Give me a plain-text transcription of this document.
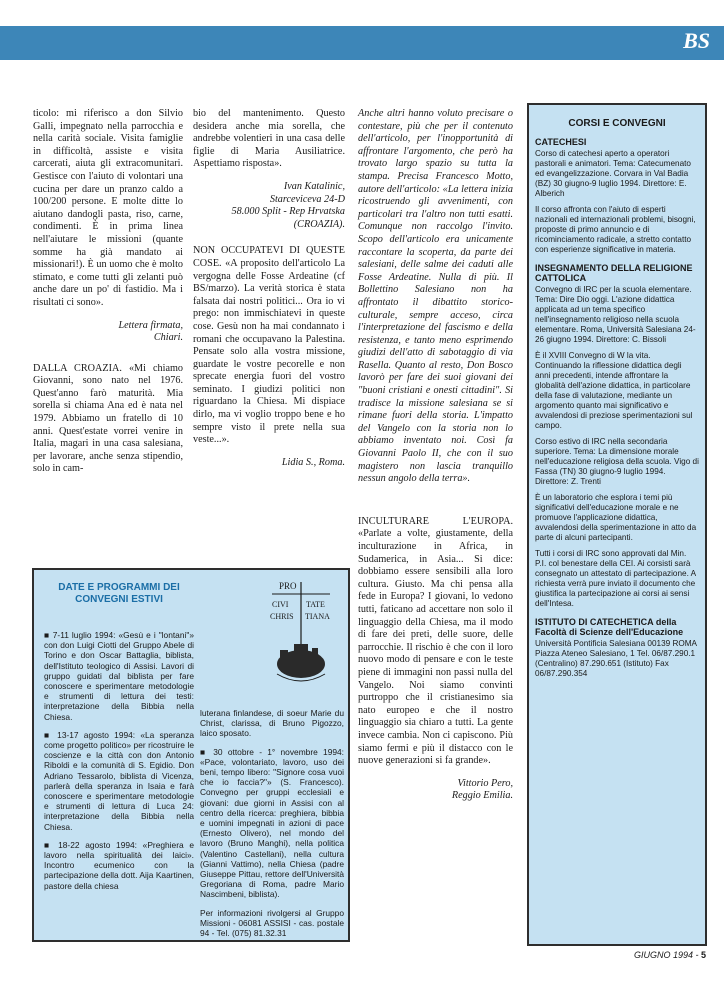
BS

ticolo: mi riferisco a don Silvio Galli, impegnato nella parrocchia e nella carità sociale. Visita famiglie in difficoltà, assiste e visita carcerati, aiuta gli extracomunitari. Gestisce con l'aiuto di volontari una cucina per dare un pranzo caldo a 100/200 persone. E molte ditte lo aiutano dandogli pasta, riso, carne, condimenti. È in prima linea nell'aiutare le missioni (quante somme ha già mandato ai missionari!). È un uomo che è molto stimato, e come tutti gli zelanti può anche dare un po' di fastidio. Ma i risultati ci sono».

Lettera firmata,
Chiari.

DALLA CROAZIA. «Mi chiamo Giovanni, sono nato nel 1976. Quest'anno farò maturità. Mia sorella si chiama Ana ed è nata nel 1979. Abbiamo un fratello di 10 anni. Quest'estate vorrei venire in Italia, magari in una casa salesiana, per lavorare, anche senza stipendio, solo in cam-

bio del mantenimento. Questo desidera anche mia sorella, che andrebbe volentieri in una casa delle figlie di Maria Ausiliatrice. Aspettiamo risposta».

Ivan Katalinic,
Starceviceva 24-D
58.000 Split - Rep Hrvatska
(CROAZIA).

NON OCCUPATEVI DI QUESTE COSE. «A proposito dell'articolo La vergogna delle Fosse Ardeatine (cf BS/marzo). La verità storica è stata falsata dai nostri politici... Ora io vi prego: non immischiatevi in queste cose. Gesù non ha mai condannato i romani che occupavano la Palestina. Pensate solo alla vostra missione, guardate le vostre pecorelle e non sprecate energia fuori del vostro seminato. I giudizi politici non riguardano la Chiesa. Mi dispiace dirlo, ma vi voglio troppo bene e ho sempre visto il prete nella sua veste...».

Lidia S., Roma.

Anche altri hanno voluto precisare o contestare, più che per il contenuto dell'articolo, per l'inopportunità di affrontare l'argomento, che però ha trovato largo spazio su tutta la stampa. Precisa Francesco Motto, autore dell'articolo: «La lettera inizia ricostruendo gli avvenimenti, con particolari tra l'altro non tutti esatti. Comunque non raccolgo l'invito. Scopo dell'articolo era unicamente raccontare la scoperta, da parte dei salesiani, delle salme dei caduti alle Fosse Ardeatine. Nulla di più. Il Bollettino Salesiano non ha affrontato il dibattito storico-culturale, sempre acceso, circa l'interpretazione del fascismo e della resistenza, e tanto meno esprimendo giudizi dell'atto di sabotaggio di via Rasella. Quanto al resto, Don Bosco lavorò per fare dei suoi giovani dei "buoni cristiani e onesti cittadini". Si tradisce la missione salesiana se si rimane fuori della storia. L'impatto del Vangelo con la storia non lo abbiamo inventato noi. Così fa Giovanni Paolo II, che con il suo magistero non lascia tranquillo nessun angolo della terra».

INCULTURARE L'EUROPA. «Parlate a volte, giustamente, della inculturazione in Africa, in Sudamerica, in Asia... Si dice: dobbiamo essere sensibili alla loro cultura. Giusto. Ma chi pensa alla fede in Europa? I giovani, lo vedono tutti, faticano ad accettare non solo il linguaggio della Chiesa, ma il modo di fare dei preti, delle suore, delle parrocchie. Il rischio è che con il loro nuovo modo di pensare e con le teste piene di immagini non passi nulla del Vangelo. Noi siamo convinti purtroppo che il cristianesimo sia nato europeo e che il nostro linguaggio sia chiaro a tutti. La gente invece cambia. Non ci capiscono. Più siamo fermi e più il distacco con le nuove generazioni si fa grande».

Vittorio Pero,
Reggio Emilia.
DATE E PROGRAMMI DEI CONVEGNI ESTIVI
PRO
CIVI TATE
CHRIS TIANA

■ 7-11 luglio 1994: «Gesù e i "lontani"» con don Luigi Ciotti del Gruppo Abele di Torino e don Oscar Battaglia, biblista, dell'Istituto teologico di Assisi. Lavori di gruppo guidati dal biblista per fare conoscere e sperimentare metodologie e strumenti di lettura dei testi: interpretazione della Bibbia nella Chiesa.

■ 13-17 agosto 1994: «La speranza come progetto politico» per ricostruire le coscienze e la città con don Antonio Riboldi e la comunità di S. Egidio. Don Adriano Tessarolo, biblista di Vicenza, parlerà della speranza in Isaia e farà conoscere e sperimentare metodologie e strumenti di lettura di Luca 24: interpretazione della Bibbia nella Chiesa.

■ 18-22 agosto 1994: «Preghiera e lavoro nella spiritualità dei laici». Incontro ecumenico con la partecipazione della dott. Aija Kaartinen, pastore della chiesa

luterana finlandese, di soeur Marie du Christ, clarissa, di Bruno Pigozzo, laico sposato.

■ 30 ottobre - 1° novembre 1994: «Pace, volontariato, lavoro, uso dei beni, tempo libero: "Signore cosa vuoi che io faccia?"» (S. Francesco). Convegno per gruppi ecclesiali e giovani: due giorni in Assisi con al centro della ricerca: preghiera, bibbia e uomini impegnati in azioni di pace (Ernesto Olivero), nel mondo del lavoro (Bruno Manghi), nella politica (Valentino Castellani), nella cultura (Gianni Vattimo), nella Chiesa (padre Giuseppe Pittau, rettore dell'Università Gregoriana di Roma, padre Mario Nascimbeni, biblista).

Per informazioni rivolgersi al Gruppo Missioni - 06081 ASSISI - cas. postale 94 - Tel. (075) 81.32.31

CORSI E CONVEGNI
CATECHESI

Corso di catechesi aperto a operatori pastorali e animatori. Tema: Catecumenato ed evangelizzazione. Corvara in Val Badia (BZ) 30 giugno-9 luglio 1994. Direttore: E. Alberich

Il corso affronta con l'aiuto di esperti nazionali ed internazionali problemi, bisogni, proposte di primo annuncio e di ricominciamento radicale, a stretto contatto con esperienze significative in materia.

INSEGNAMENTO DELLA RELIGIONE CATTOLICA

Convegno di IRC per la scuola elementare. Tema: Dire Dio oggi. L'azione didattica applicata ad un tema specifico nell'insegnamento religioso nella scuola elementare. Roma, Università Salesiana 24-26 giugno 1994. Direttore: C. Bissoli

È il XVIII Convegno di W la vita. Continuando la riflessione didattica degli anni precedenti, intende affrontare la globalità dell'azione didattica, in particolare della fase di valutazione, mediante un argomento quanto mai significativo e avvalendosi di preziose sperimentazioni sul campo.

Corso estivo di IRC nella secondaria superiore. Tema: La dimensione morale nell'educazione religiosa della scuola. Vigo di Fassa (TN) 30 giugno-9 luglio 1994. Direttore: Z. Trenti

È un laboratorio che esplora i temi più significativi dell'educazione morale e ne promuove l'applicazione didattica, avvalendosi della sperimentazione in atto da parte di alcuni partecipanti.

Tutti i corsi di IRC sono approvati dal Min. P.I. col benestare della CEI. Ai corsisti sarà consegnato un attestato di partecipazione. A richiesta verrà pure inviato il documento che giustifica la partecipazione ai corsi ai sensi dell'Intesa.

ISTITUTO DI CATECHETICA della Facoltà di Scienze dell'Educazione

Università Pontificia Salesiana 00139 ROMA Piazza Ateneo Salesiano, 1 Tel. 06/87.290.1 (Centralino) 87.290.651 (Istituto) Fax 06/87.290.354

GIUGNO 1994 - 5
